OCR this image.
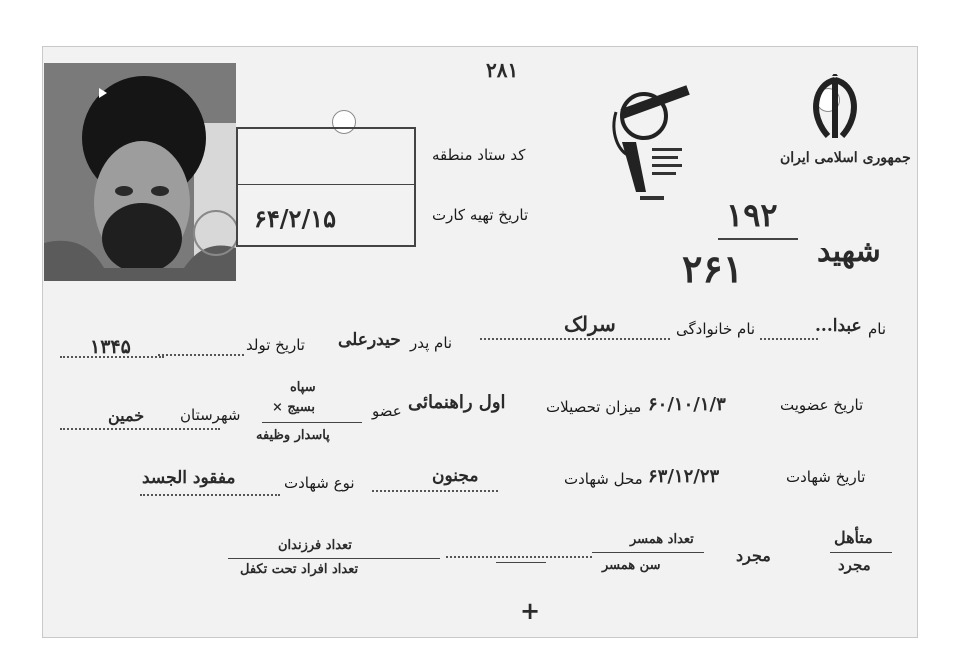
۲۸۱
جمهوری اسلامی ایران
کد ستاد منطقه
تاریخ تهیه کارت
۶۴/۲/۱۵
شهید
۱۹۲
۲۶۱
نام
عبدا...
نام خانوادگی
سرلک
نام پدر
حیدرعلی
تاریخ تولد
۱۳۴۵
تاریخ عضویت
۶۰/۱۰/۱/۳
میزان تحصیلات
اول راهنمائی
عضو
سپاه
بسیج ×
پاسدار وظیفه
شهرستان
خمین
تاریخ شهادت
۶۳/۱۲/۲۳
محل شهادت
مجنون
نوع شهادت
مفقود الجسد
متأهل
مجرد
مجرد
تعداد همسر
سن همسر
تعداد فرزندان
تعداد افراد تحت تکفل
+
